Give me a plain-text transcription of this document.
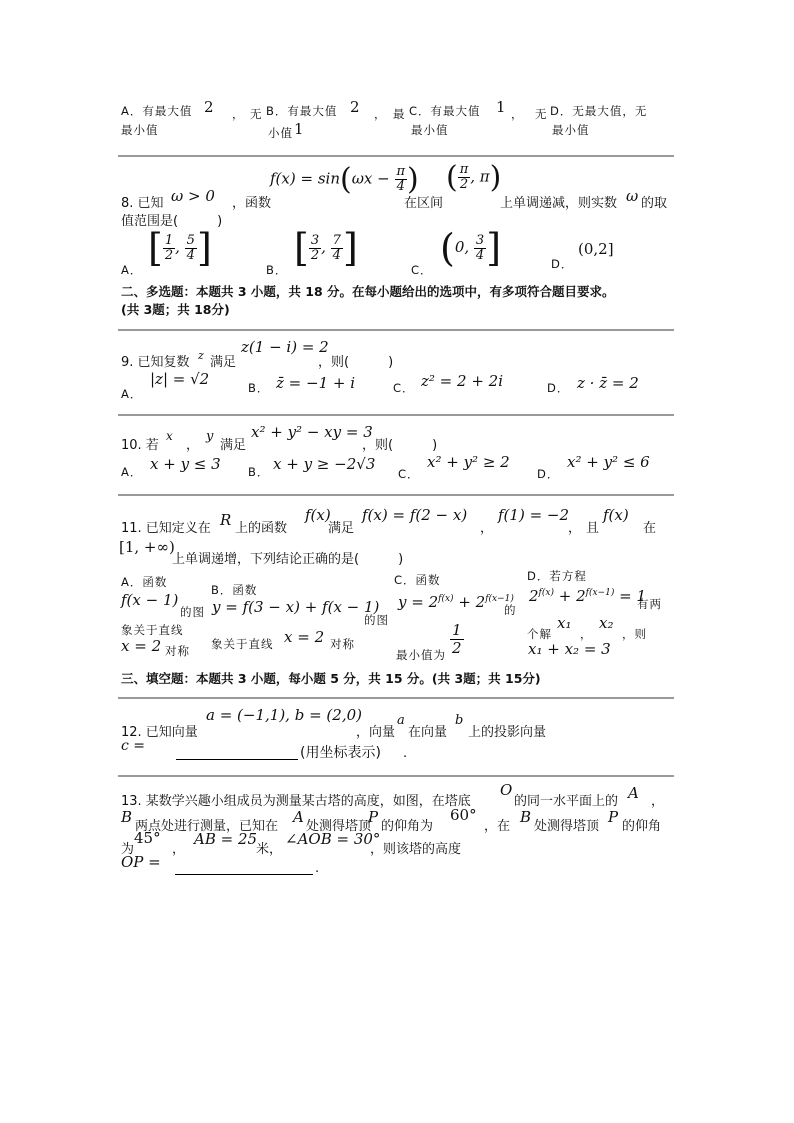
A．有最大值 2 ， 无
最小值
B．有最大值 2 ， 最
小值 1
C．有最大值 1 ， 无
最小值
D．无最大值，无
最小值
8. 已知 ω > 0 ，函数
$f(x) = \sin(\omega x - \frac{\pi}{4}$ )
在区间
( $\frac{\pi}{2}$ , π)
上单调递减，则实数 ω 的取
值范围是(　　　)
A． [ $\frac{1}{2}$ , $\frac{5}{4}$ ]	B． [ $\frac{3}{2}$ , $\frac{7}{4}$ ]	C． (0, $\frac{3}{4}$ ]	D．
(0,2]
二、多选题：本题共 3 小题，共 18 分。在每小题给出的选项中，有多项符合题目要求。
(共 3题；共 18分)
9. 已知复数 z 满足
z(1 − i) = 2
，则(　　　)
A．
|z| = √2	B． z̄ = −1 + i	C． z² = 2 + 2i	D． z · z̄ = 2
10. 若
x
，
y
满足
x² + y² − xy = 3
，则(　　　)
A． x + y ≤ 3 B． x + y ≥ −2√3
C．
x² + y² ≥ 2
D．
x² + y² ≤ 6
11. 已知定义在 R 上的函数
f(x)
满足
f(x) = f(2 − x)
，
f(1) = −2
， 且
f(x)
在
[1, +∞)
上单调递增，下列结论正确的是(　　　)
A．函数
f(x − 1)
的图
象关于直线
x = 2 对称
B．函数
y = f(3 − x) + f(x − 1)
的图
象关于直线 x = 2 对称
C．函数
$y = 2^{f(x)} + 2^{f(x-1)}$
的
最小值为 $\frac{1}{2}$
D．若方程
$2^{f(x)} + 2^{f(x-1)} = 1$
有两
个解
x₁
，
x₂
，则
x₁ + x₂ = 3
三、填空题：本题共 3 小题，每小题 5 分，共 15 分。(共 3题；共 15分)
12. 已知向量
a = (−1,1), b = (2,0)
，向量
a
在向量
b
上的投影向量
c =	(用坐标表示) .
13. 某数学兴趣小组成员为测量某古塔的高度，如图，在塔底
O
的同一水平面上的 A ，
B
两点处进行测量，已知在
A
处测得塔顶
P
的仰角为
60°
，在
B
处测得塔顶
P
的仰角
为
45°
，
AB = 25
米，
∠AOB = 30°
，则该塔的高度
OP =	.
